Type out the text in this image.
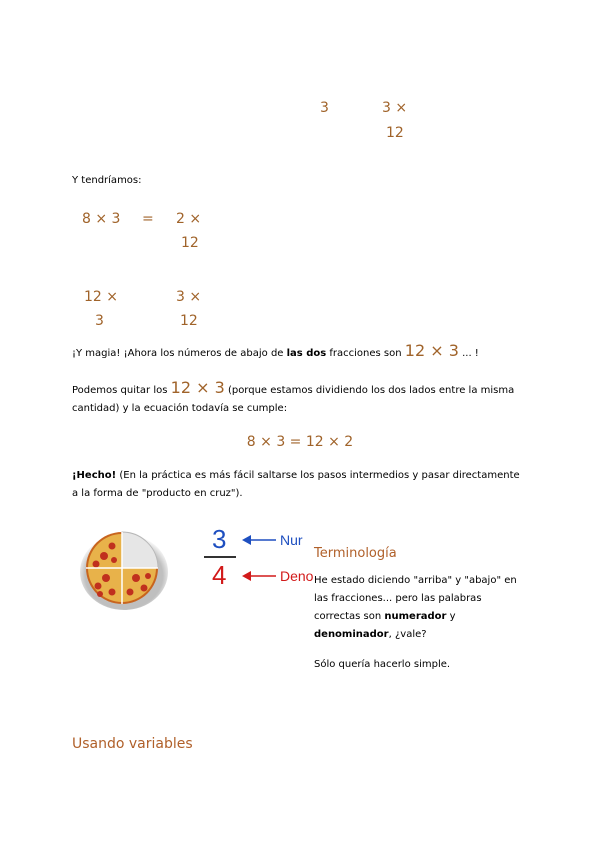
3	3 ×
12
Y tendríamos:
8 × 3 = 2 ×
12
12 ×
3
3 ×
12
¡Y magia! ¡Ahora los números de abajo de las dos fracciones son 12 × 3 ... !
Podemos quitar los 12 × 3 (porque estamos dividiendo los dos lados entre la misma
cantidad) y la ecuación todavía se cumple:
8 × 3 = 12 × 2
¡Hecho! (En la práctica es más fácil saltarse los pasos intermedios y pasar directamente
a la forma de "producto en cruz").
3
4
Nur
Deno
Terminología
He estado diciendo "arriba" y "abajo" en
las fracciones... pero las palabras
correctas son numerador y
denominador, ¿vale?
Sólo quería hacerlo simple.
Usando variables
